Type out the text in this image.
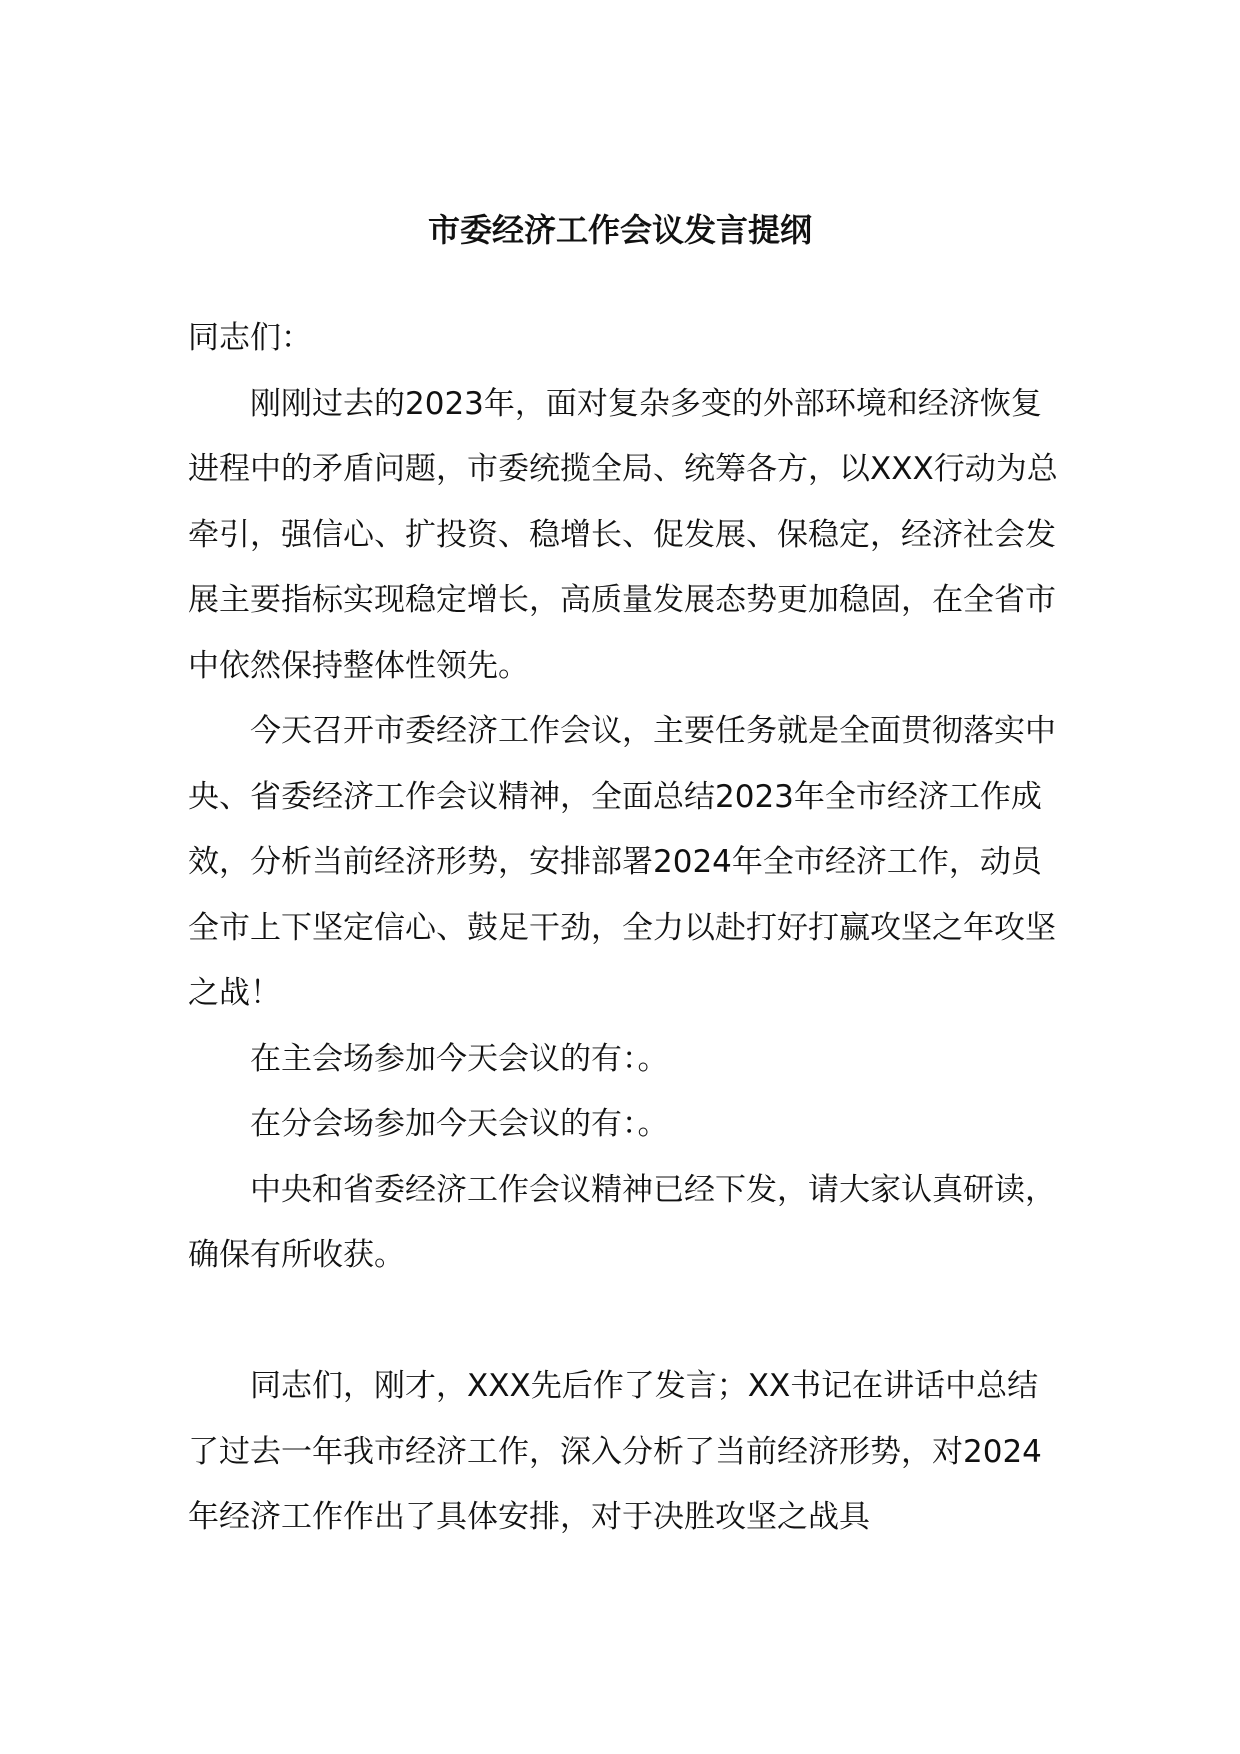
市委经济工作会议发言提纲

同志们：

刚刚过去的2023年，面对复杂多变的外部环境和经济恢复进程中的矛盾问题，市委统揽全局、统筹各方，以XXX行动为总牵引，强信心、扩投资、稳增长、促发展、保稳定，经济社会发展主要指标实现稳定增长，高质量发展态势更加稳固，在全省市中依然保持整体性领先。

今天召开市委经济工作会议，主要任务就是全面贯彻落实中央、省委经济工作会议精神，全面总结2023年全市经济工作成效，分析当前经济形势，安排部署2024年全市经济工作，动员全市上下坚定信心、鼓足干劲，全力以赴打好打赢攻坚之年攻坚之战！

在主会场参加今天会议的有：。

在分会场参加今天会议的有：。

中央和省委经济工作会议精神已经下发，请大家认真研读，确保有所收获。

同志们，刚才，XXX先后作了发言；XX书记在讲话中总结了过去一年我市经济工作，深入分析了当前经济形势，对2024年经济工作作出了具体安排，对于决胜攻坚之战具
